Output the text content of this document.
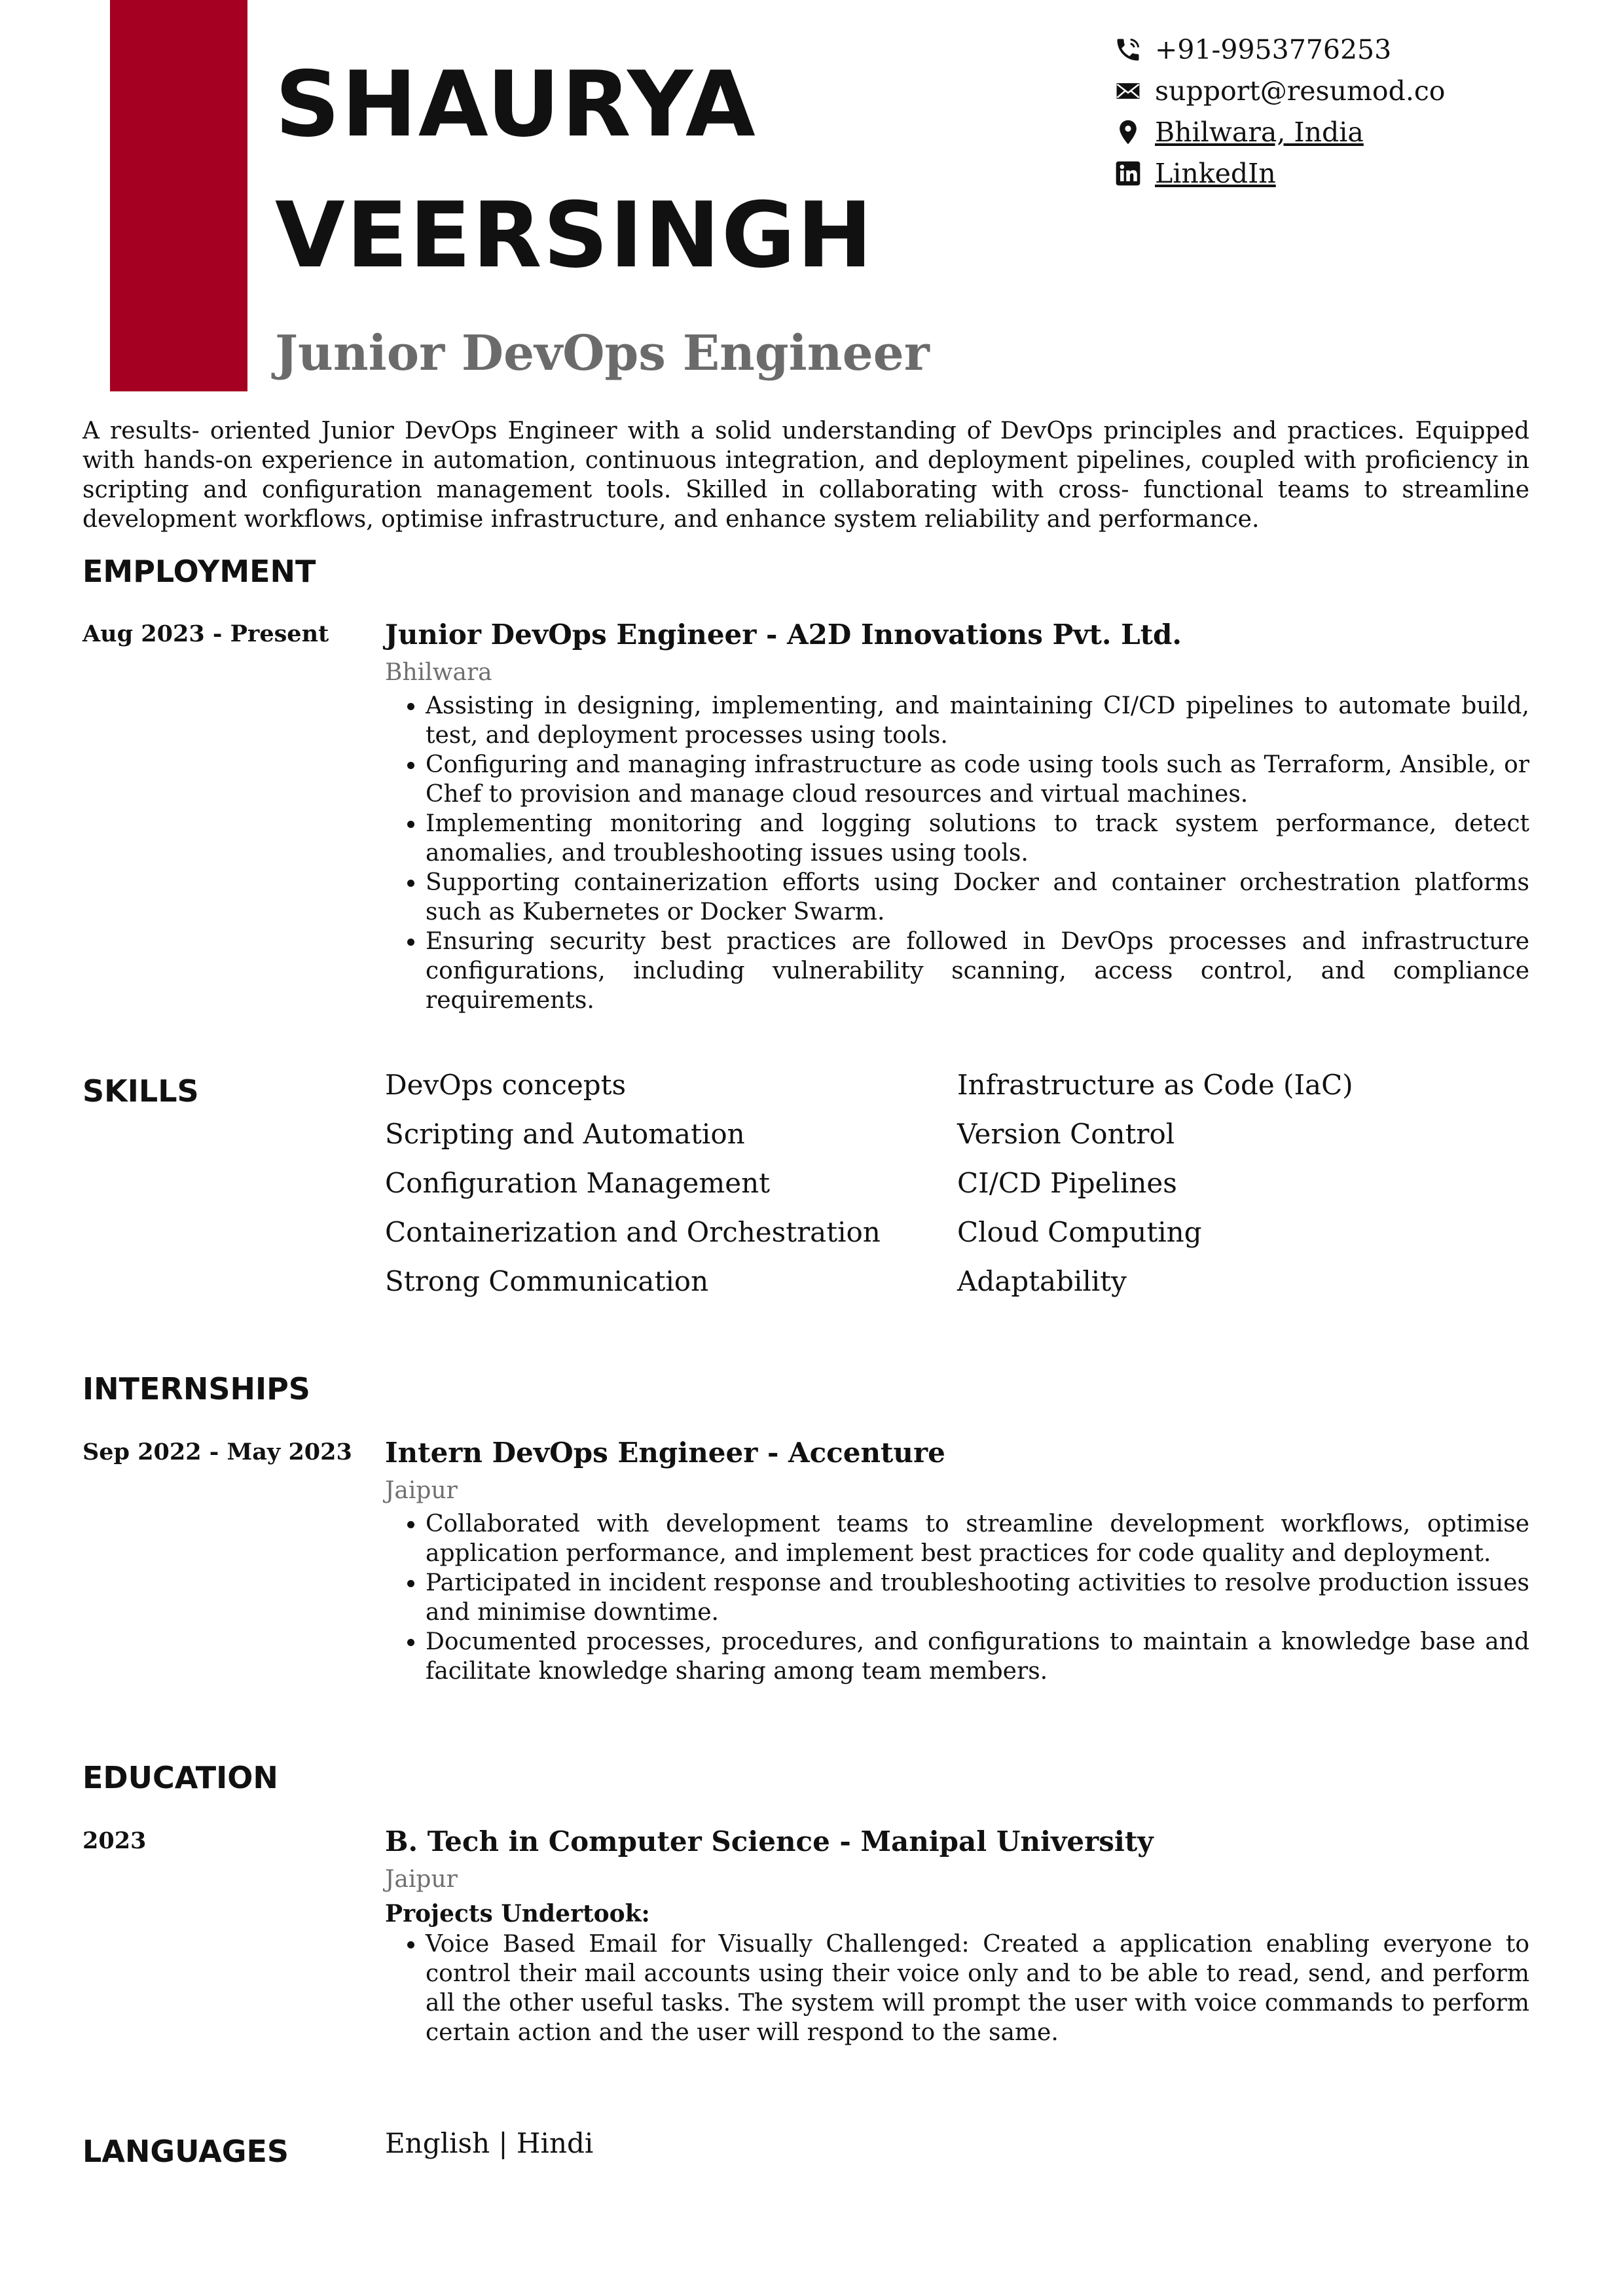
SHAURYA
VEERSINGH
Junior DevOps Engineer
+91-9953776253
support@resumod.co
Bhilwara, India
LinkedIn

A results- oriented Junior DevOps Engineer with a solid understanding of DevOps principles and practices. Equipped with hands-on experience in automation, continuous integration, and deployment pipelines, coupled with proficiency in scripting and configuration management tools. Skilled in collaborating with cross- functional teams to streamline development workflows, optimise infrastructure, and enhance system reliability and performance.

EMPLOYMENT

Aug 2023 - Present Junior DevOps Engineer - A2D Innovations Pvt. Ltd.

Bhilwara

• Assisting in designing, implementing, and maintaining CI/CD pipelines to automate build, test, and deployment processes using tools.
• Configuring and managing infrastructure as code using tools such as Terraform, Ansible, or Chef to provision and manage cloud resources and virtual machines.
• Implementing monitoring and logging solutions to track system performance, detect anomalies, and troubleshooting issues using tools.
• Supporting containerization efforts using Docker and container orchestration platforms such as Kubernetes or Docker Swarm.
• Ensuring security best practices are followed in DevOps processes and infrastructure configurations, including vulnerability scanning, access control, and compliance requirements.
SKILLS	DevOps concepts	Infrastructure as Code (IaC)
Scripting and Automation	Version Control
Configuration Management	CI/CD Pipelines
Containerization and Orchestration	Cloud Computing
Strong Communication	Adaptability
INTERNSHIPS

Sep 2022 - May 2023 Intern DevOps Engineer - Accenture

Jaipur

• Collaborated with development teams to streamline development workflows, optimise application performance, and implement best practices for code quality and deployment.
• Participated in incident response and troubleshooting activities to resolve production issues and minimise downtime.
• Documented processes, procedures, and configurations to maintain a knowledge base and facilitate knowledge sharing among team members.
EDUCATION

2023	B. Tech in Computer Science - Manipal University

Jaipur

Projects Undertook:

• Voice Based Email for Visually Challenged: Created a application enabling everyone to control their mail accounts using their voice only and to be able to read, send, and perform all the other useful tasks. The system will prompt the user with voice commands to perform certain action and the user will respond to the same.
LANGUAGES	English | Hindi
